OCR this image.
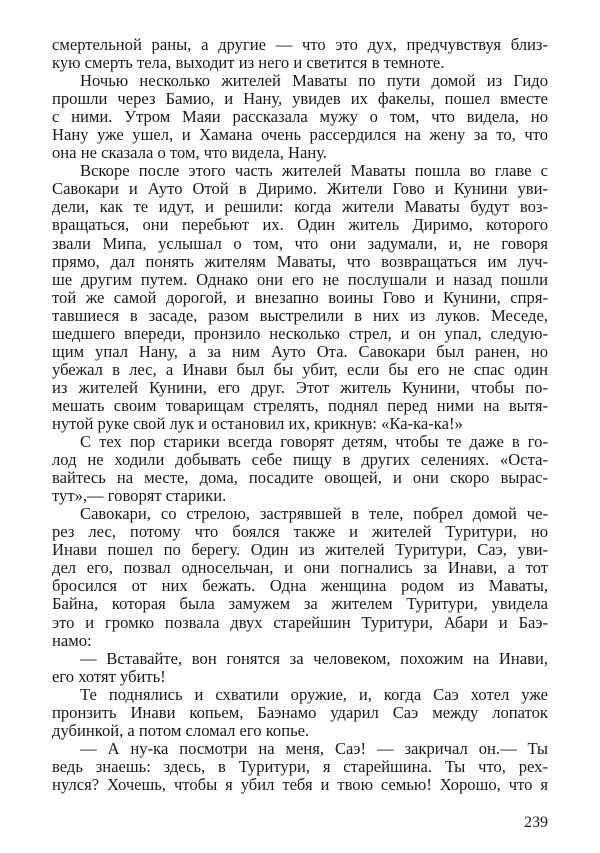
смертельной раны, а другие — что это дух, предчувствуя близ-
кую смерть тела, выходит из него и светится в темноте.
Ночью несколько жителей Маваты по пути домой из Гидо
прошли через Бамио, и Нану, увидев их факелы, пошел вместе
с ними. Утром Маяи рассказала мужу о том, что видела, но
Нану уже ушел, и Хамана очень рассердился на жену за то, что
она не сказала о том, что видела, Нану.
Вскоре после этого часть жителей Маваты пошла во главе с
Савокари и Ауто Отой в Диримо. Жители Гово и Кунини уви-
дели, как те идут, и решили: когда жители Маваты будут воз-
вращаться, они перебьют их. Один житель Диримо, которого
звали Мипа, услышал о том, что они задумали, и, не говоря
прямо, дал понять жителям Маваты, что возвращаться им луч-
ше другим путем. Однако они его не послушали и назад пошли
той же самой дорогой, и внезапно воины Гово и Кунини, спря-
тавшиеся в засаде, разом выстрелили в них из луков. Меседе,
шедшего впереди, пронзило несколько стрел, и он упал, следую-
щим упал Нану, а за ним Ауто Ота. Савокари был ранен, но
убежал в лес, а Инави был бы убит, если бы его не спас один
из жителей Кунини, его друг. Этот житель Кунини, чтобы по-
мешать своим товарищам стрелять, поднял перед ними на вытя-
нутой руке свой лук и остановил их, крикнув: «Ка-ка-ка!»
С тех пор старики всегда говорят детям, чтобы те даже в го-
лод не ходили добывать себе пищу в других селениях. «Оста-
вайтесь на месте, дома, посадите овощей, и они скоро вырас-
тут»,— говорят старики.
Савокари, со стрелою, застрявшей в теле, побрел домой че-
рез лес, потому что боялся также и жителей Туритури, но
Инави пошел по берегу. Один из жителей Туритури, Саэ, уви-
дел его, позвал односельчан, и они погнались за Инави, а тот
бросился от них бежать. Одна женщина родом из Маваты,
Байна, которая была замужем за жителем Туритури, увидела
это и громко позвала двух старейшин Туритури, Абари и Баэ-
намо:
— Вставайте, вон гонятся за человеком, похожим на Инави,
его хотят убить!
Те поднялись и схватили оружие, и, когда Саэ хотел уже
пронзить Инави копьем, Баэнамо ударил Саэ между лопаток
дубинкой, а потом сломал его копье.
— А ну-ка посмотри на меня, Саэ! — закричал он.— Ты
ведь знаешь: здесь, в Туритури, я старейшина. Ты что, рех-
нулся? Хочешь, чтобы я убил тебя и твою семью! Хорошо, что я
239
